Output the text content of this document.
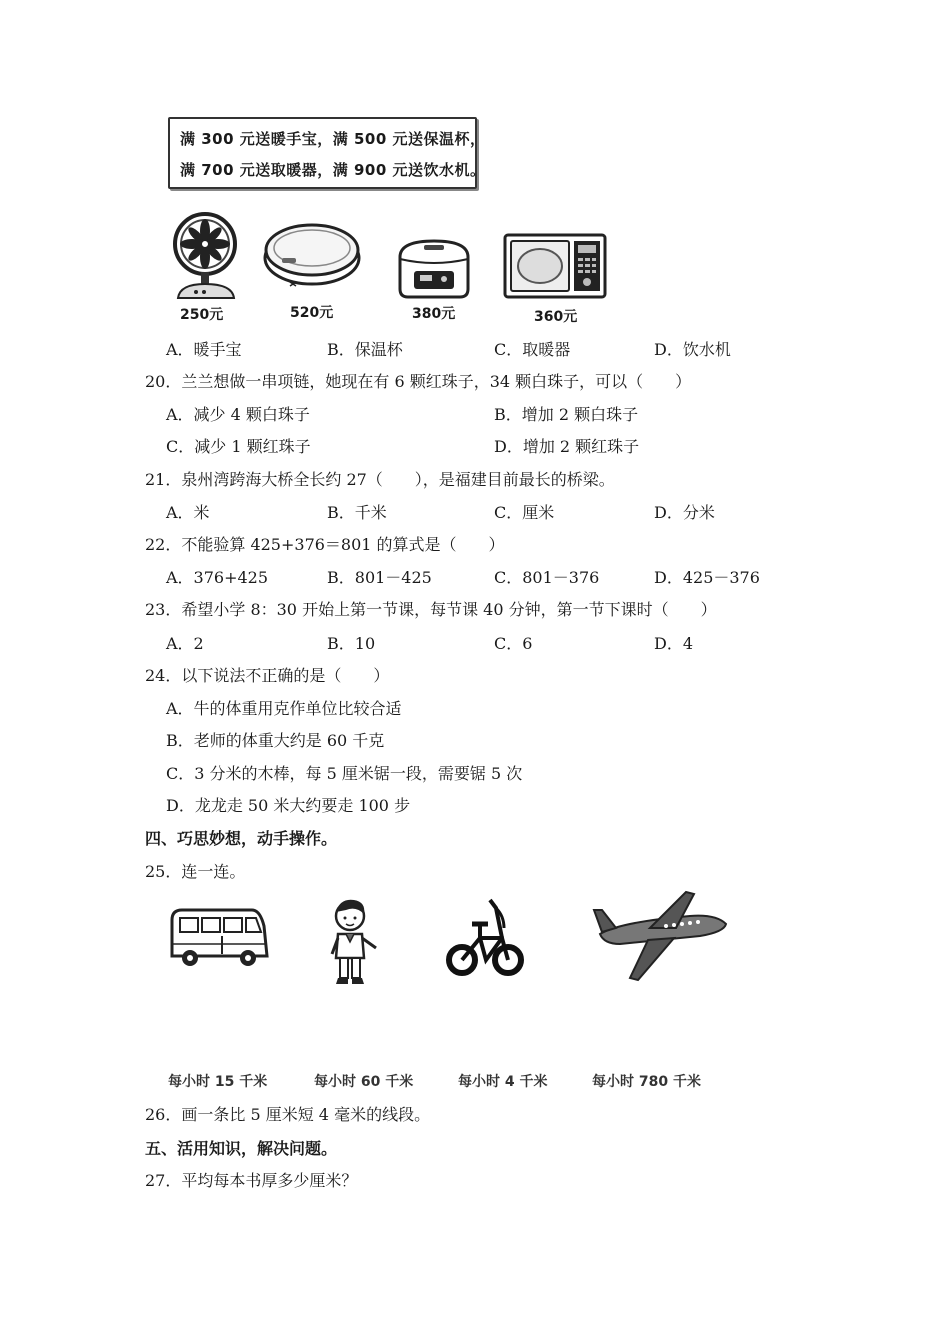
满 300 元送暖手宝，满 500 元送保温杯，
满 700 元送取暖器，满 900 元送饮水机。
250元	520元	380元	360元
A．暖手宝	B．保温杯	C．取暖器	D．饮水机
20．兰兰想做一串项链，她现在有 6 颗红珠子，34 颗白珠子，可以（　　）
A．减少 4 颗白珠子	B．增加 2 颗白珠子
C．减少 1 颗红珠子	D．增加 2 颗红珠子
21．泉州湾跨海大桥全长约 27（　　），是福建目前最长的桥梁。
A．米	B．千米	C．厘米	D．分米
22．不能验算 425+376＝801 的算式是（　　）
A．376+425	B．801－425	C．801－376	D．425－376
23．希望小学 8：30 开始上第一节课，每节课 40 分钟，第一节下课时（　　）
A．2	B．10	C．6	D．4
24．以下说法不正确的是（　　）
A．牛的体重用克作单位比较合适
B．老师的体重大约是 60 千克
C．3 分米的木棒，每 5 厘米锯一段，需要锯 5 次
D．龙龙走 50 米大约要走 100 步
四、巧思妙想，动手操作。
25．连一连。
每小时 15 千米	每小时 60 千米	每小时 4 千米	每小时 780 千米
26．画一条比 5 厘米短 4 毫米的线段。
五、活用知识，解决问题。
27．平均每本书厚多少厘米？
